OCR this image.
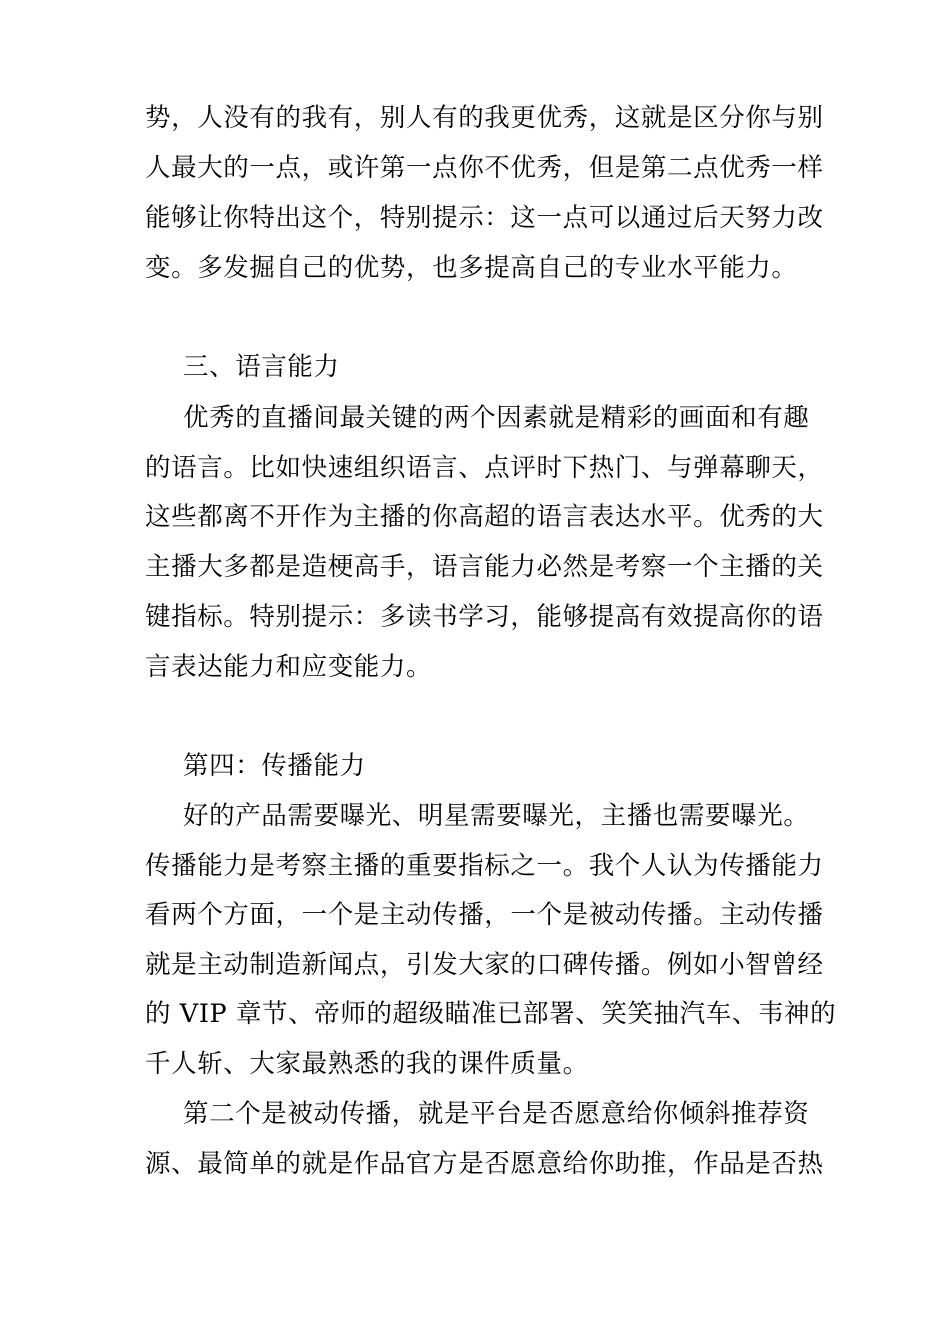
势，人没有的我有，别人有的我更优秀，这就是区分你与别
人最大的一点，或许第一点你不优秀，但是第二点优秀一样
能够让你特出这个，特别提示：这一点可以通过后天努力改
变。多发掘自己的优势，也多提高自己的专业水平能力。
三、语言能力
优秀的直播间最关键的两个因素就是精彩的画面和有趣
的语言。比如快速组织语言、点评时下热门、与弹幕聊天，
这些都离不开作为主播的你高超的语言表达水平。优秀的大
主播大多都是造梗高手，语言能力必然是考察一个主播的关
键指标。特别提示：多读书学习，能够提高有效提高你的语
言表达能力和应变能力。
第四：传播能力
好的产品需要曝光、明星需要曝光，主播也需要曝光。
传播能力是考察主播的重要指标之一。我个人认为传播能力
看两个方面，一个是主动传播，一个是被动传播。主动传播
就是主动制造新闻点，引发大家的口碑传播。例如小智曾经
的 VIP 章节、帝师的超级瞄准已部署、笑笑抽汽车、韦神的
千人斩、大家最熟悉的我的课件质量。
第二个是被动传播，就是平台是否愿意给你倾斜推荐资
源、最简单的就是作品官方是否愿意给你助推，作品是否热
